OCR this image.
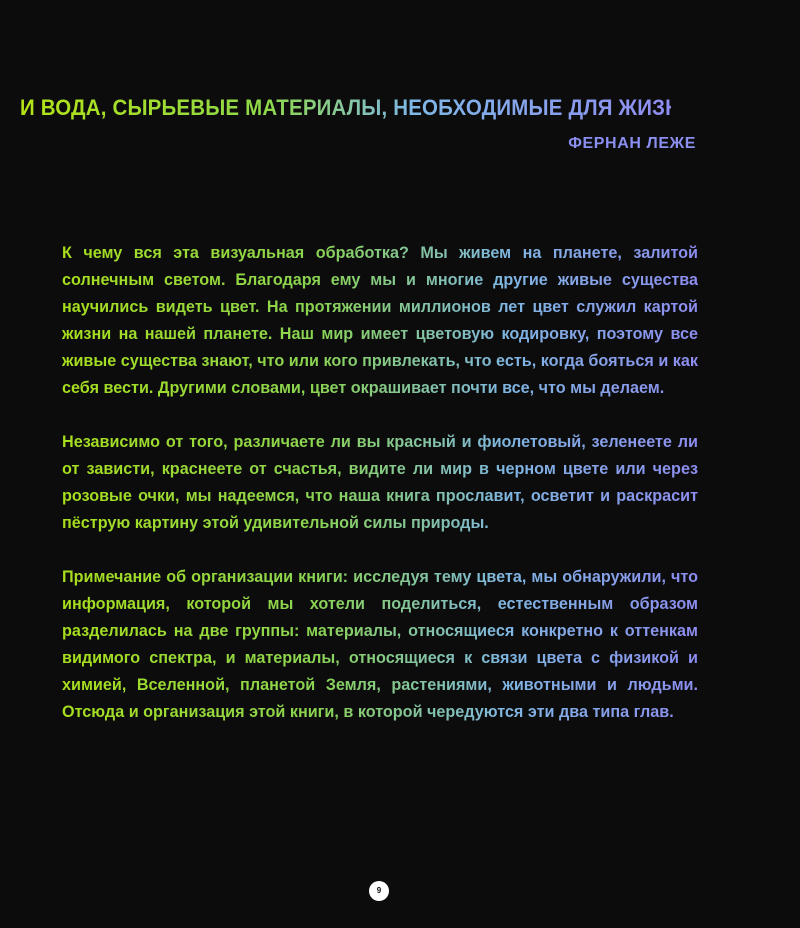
И ВОДА, СЫРЬЕВЫЕ МАТЕРИАЛЫ, НЕОБХОДИМЫЕ ДЛЯ ЖИЗНИ.

ФЕРНАН ЛЕЖЕ

К чему вся эта визуальная обработка? Мы живем на планете, залитой солнечным светом. Благодаря ему мы и многие другие живые существа научились видеть цвет. На протяжении миллионов лет цвет служил картой жизни на нашей планете. Наш мир имеет цветовую кодировку, поэтому все живые существа знают, что или кого привлекать, что есть, когда бояться и как себя вести. Другими словами, цвет окрашивает почти все, что мы делаем.

Независимо от того, различаете ли вы красный и фиолетовый, зеленеете ли от зависти, краснеете от счастья, видите ли мир в черном цвете или через розовые очки, мы надеемся, что наша книга прославит, осветит и раскрасит пёструю картину этой удивительной силы природы.

Примечание об организации книги: исследуя тему цвета, мы обнаружили, что информация, которой мы хотели поделиться, естественным образом разделилась на две группы: материалы, относящиеся конкретно к оттенкам видимого спектра, и материалы, относящиеся к связи цвета с физикой и химией, Вселенной, планетой Земля, растениями, животными и людьми. Отсюда и организация этой книги, в которой чередуются эти два типа глав.

9
